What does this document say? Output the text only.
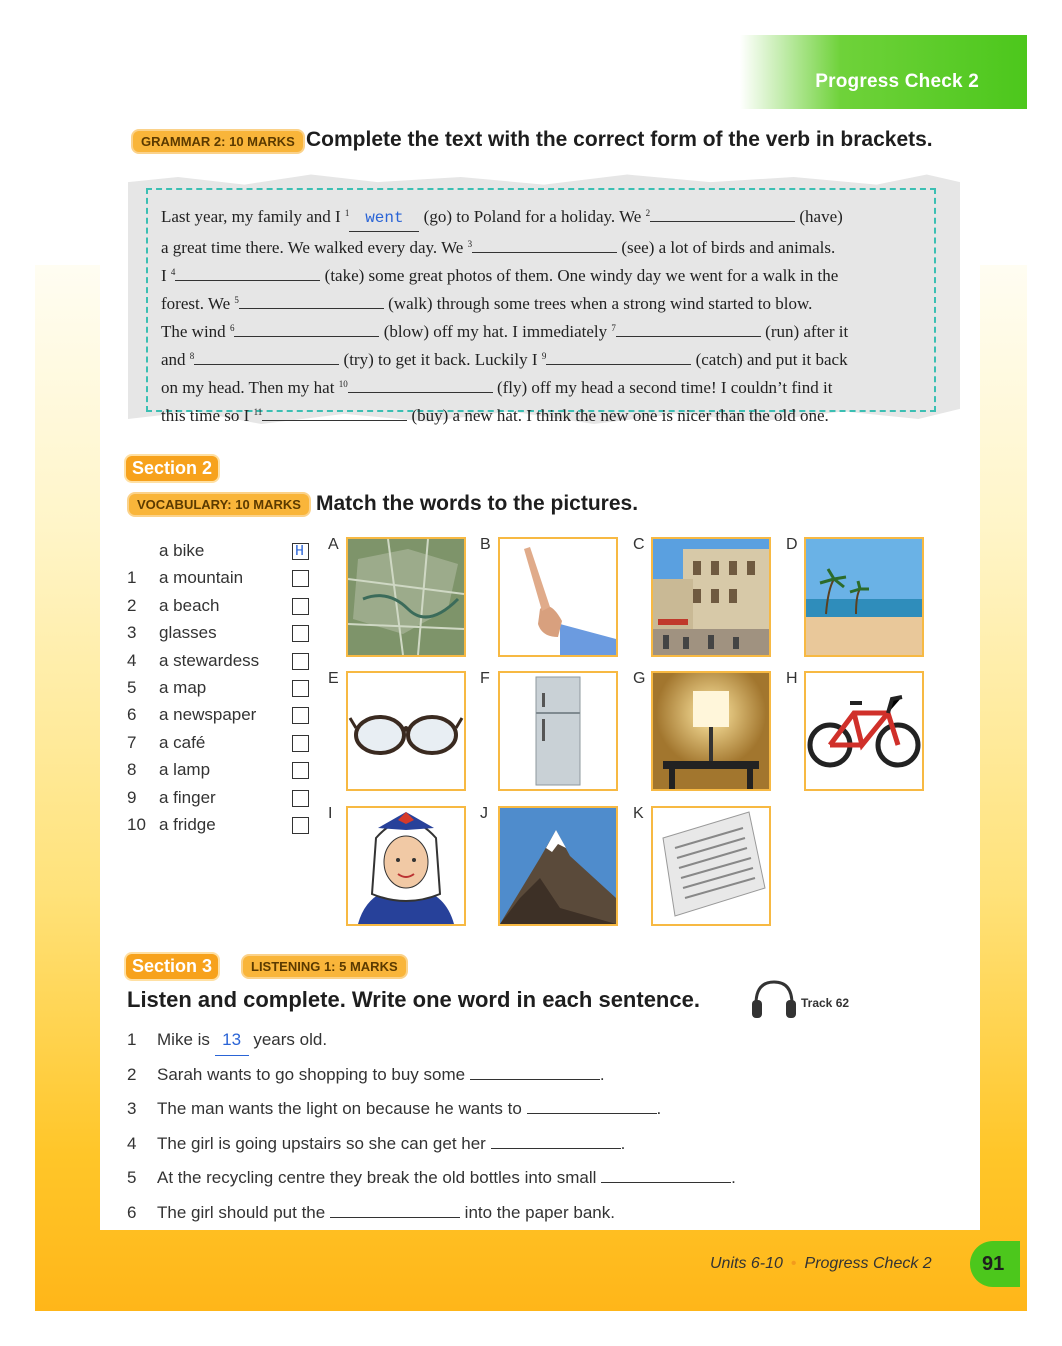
Progress Check 2
GRAMMAR 2: 10 MARKS Complete the text with the correct form of the verb in brackets.
Last year, my family and I $^1$ went (go) to Poland for a holiday. We $^2$	(have)
a great time there. We walked every day. We $^3$	(see) a lot of birds and animals.
I $^4$	(take) some great photos of them. One windy day we went for a walk in the
forest. We $^5$	(walk) through some trees when a strong wind started to blow.
The wind $^6$	(blow) off my hat. I immediately $^7$	(run) after it
and $^8$	(try) to get it back. Luckily I $^9$	(catch) and put it back
on my head. Then my hat $^{10}$	(fly) off my head a second time! I couldn’t find it
this time so I $^{11}$	(buy) a new hat. I think the new one is nicer than the old one.
Section 2
VOCABULARY: 10 MARKS Match the words to the pictures.
a bike	H
1	a mountain
2	a beach
3	glasses
4	a stewardess
5	a map
6	a newspaper
7	a café
8	a lamp
9	a finger
10 a fridge
A	B	C	D
E	F	G	H
I	J	K
Section 3	LISTENING 1: 5 MARKS
Listen and complete. Write one word in each sentence.	Track 62
1 Mike is 13 years old.
2 Sarah wants to go shopping to buy some	.
3 The man wants the light on because he wants to	.
4 The girl is going upstairs so she can get her	.
5 At the recycling centre they break the old bottles into small	.
6 The girl should put the	into the paper bank.
Units 6-10 • Progress Check 2	91
